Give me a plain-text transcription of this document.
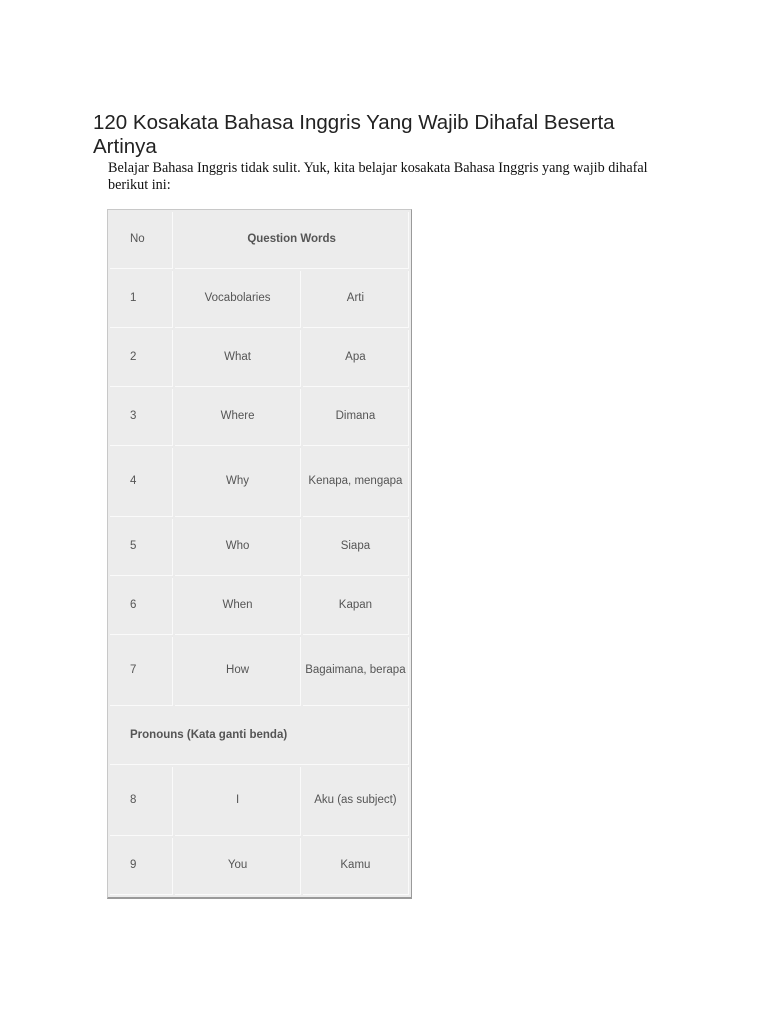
120 Kosakata Bahasa Inggris Yang Wajib Dihafal Beserta Artinya

Belajar Bahasa Inggris tidak sulit. Yuk, kita belajar kosakata Bahasa Inggris yang wajib dihafal berikut ini:

No	Question Words	
1	Vocabolaries	Arti
2	What	Apa
3	Where	Dimana
4	Why	Kenapa, mengapa
5	Who	Siapa
6	When	Kapan
7	How	Bagaimana, berapa
Pronouns (Kata ganti benda)		
8	I	Aku (as subject)
9	You	Kamu
